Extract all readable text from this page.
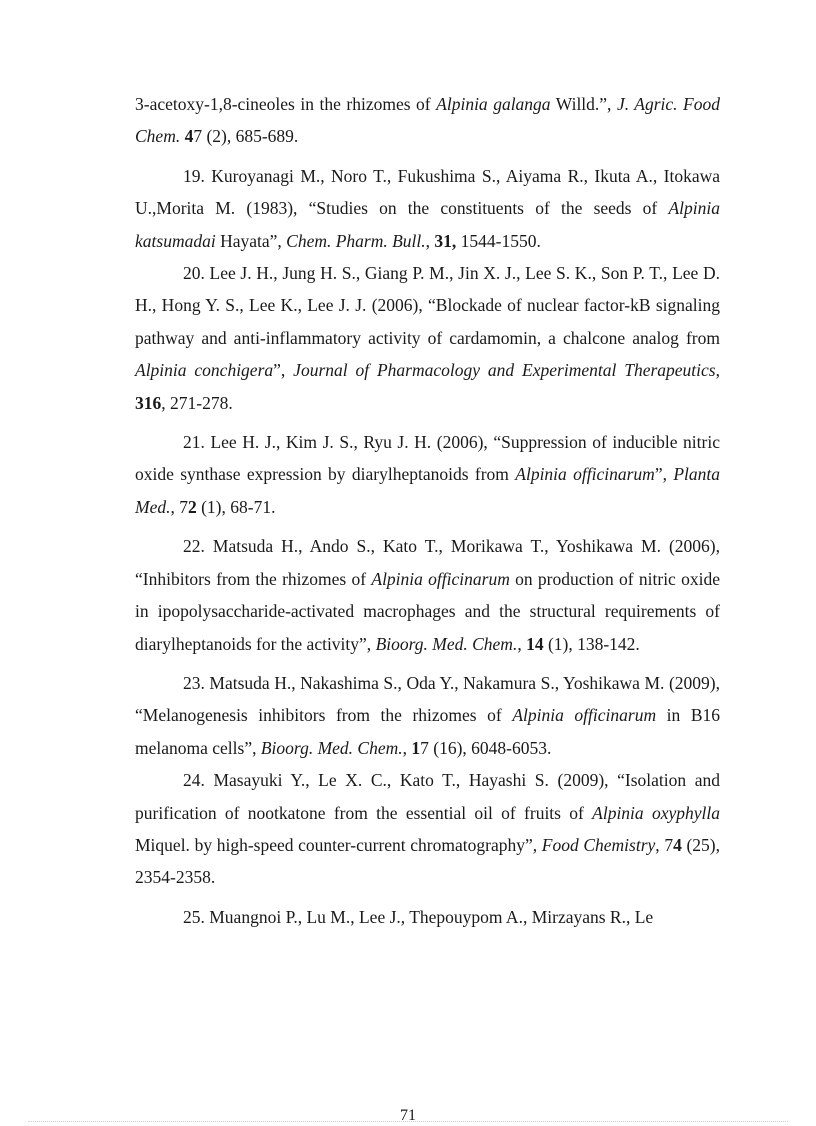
3-acetoxy-1,8-cineoles in the rhizomes of Alpinia galanga Willd.”, J. Agric. Food Chem. 47 (2), 685-689.

19. Kuroyanagi M., Noro T., Fukushima S., Aiyama R., Ikuta A., Itokawa U.,Morita M. (1983), “Studies on the constituents of the seeds of Alpinia katsumadai Hayata”, Chem. Pharm. Bull., 31, 1544-1550.

20. Lee J. H., Jung H. S., Giang P. M., Jin X. J., Lee S. K., Son P. T., Lee D. H., Hong Y. S., Lee K., Lee J. J. (2006), “Blockade of nuclear factor-kB signaling pathway and anti-inflammatory activity of cardamomin, a chalcone analog from Alpinia conchigera”, Journal of Pharmacology and Experimental Therapeutics, 316, 271-278.

21. Lee H. J., Kim J. S., Ryu J. H. (2006), “Suppression of inducible nitric oxide synthase expression by diarylheptanoids from Alpinia officinarum”, Planta Med., 72 (1), 68-71.

22. Matsuda H., Ando S., Kato T., Morikawa T., Yoshikawa M. (2006), “Inhibitors from the rhizomes of Alpinia officinarum on production of nitric oxide in ipopolysaccharide-activated macrophages and the structural requirements of diarylheptanoids for the activity”, Bioorg. Med. Chem., 14 (1), 138-142.

23. Matsuda H., Nakashima S., Oda Y., Nakamura S., Yoshikawa M. (2009), “Melanogenesis inhibitors from the rhizomes of Alpinia officinarum in B16 melanoma cells”, Bioorg. Med. Chem., 17 (16), 6048-6053.

24. Masayuki Y., Le X. C., Kato T., Hayashi S. (2009), “Isolation and purification of nootkatone from the essential oil of fruits of Alpinia oxyphylla Miquel. by high-speed counter-current chromatography”, Food Chemistry, 74 (25), 2354-2358.

25. Muangnoi P., Lu M., Lee J., Thepouypom A., Mirzayans R., Le

71
